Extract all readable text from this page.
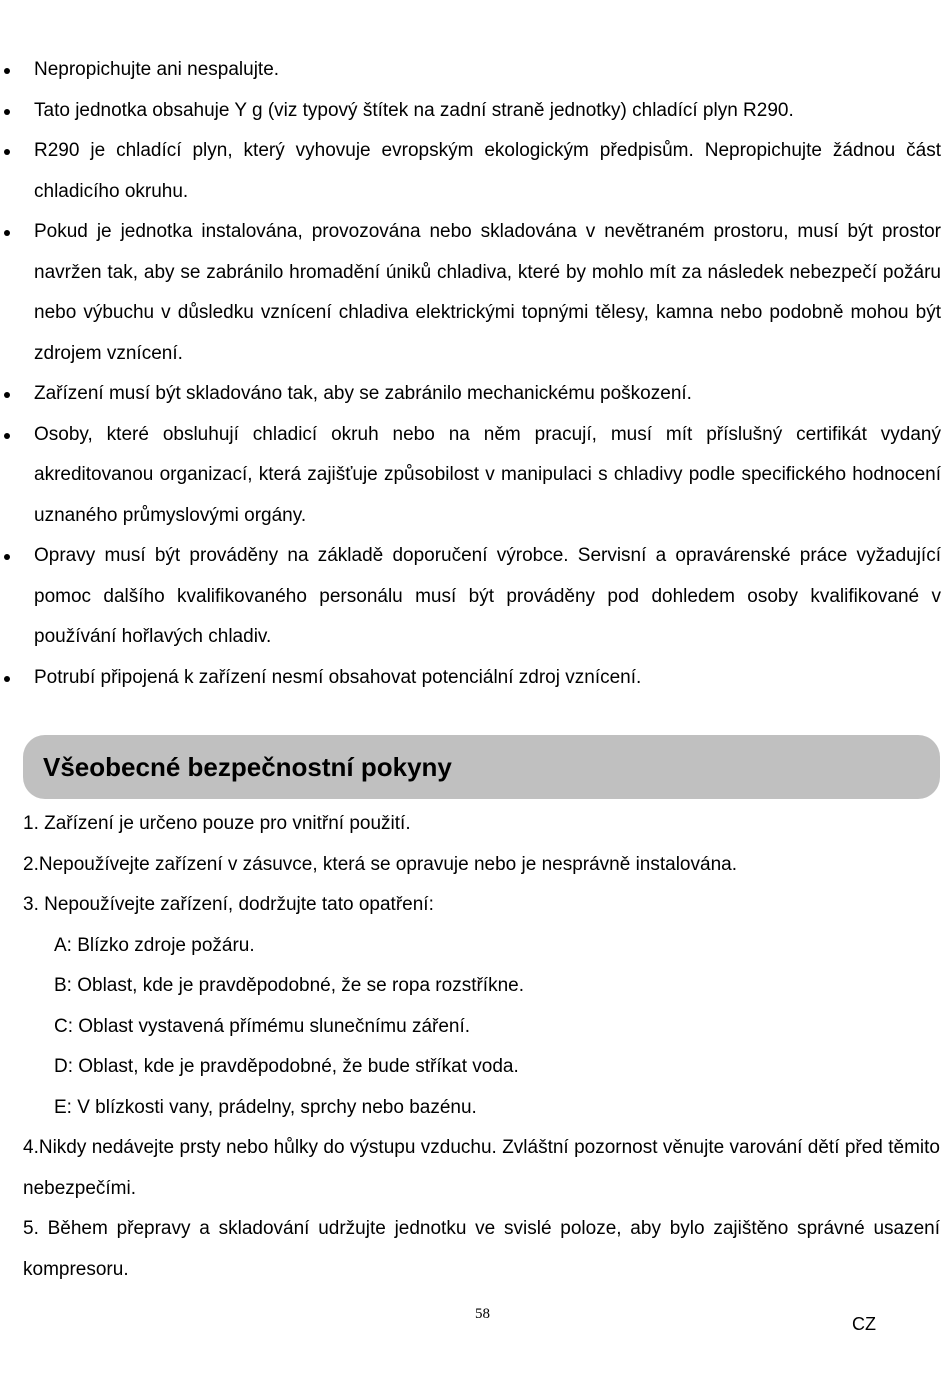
Nepropichujte ani nespalujte.
Tato jednotka obsahuje Y g (viz typový štítek na zadní straně jednotky) chladící plyn R290.
R290 je chladící plyn, který vyhovuje evropským ekologickým předpisům. Nepropichujte žádnou část chladicího okruhu.
Pokud je jednotka instalována, provozována nebo skladována v nevětraném prostoru, musí být prostor navržen tak, aby se zabránilo hromadění úniků chladiva, které by mohlo mít za následek nebezpečí požáru nebo výbuchu v důsledku vznícení chladiva elektrickými topnými tělesy, kamna nebo podobně mohou být zdrojem vznícení.
Zařízení musí být skladováno tak, aby se zabránilo mechanickému poškození.
Osoby, které obsluhují chladicí okruh nebo na něm pracují, musí mít příslušný certifikát vydaný akreditovanou organizací, která zajišťuje způsobilost v manipulaci s chladivy podle specifického hodnocení uznaného průmyslovými orgány.
Opravy musí být prováděny na základě doporučení výrobce. Servisní a opravárenské práce vyžadující pomoc dalšího kvalifikovaného personálu musí být prováděny pod dohledem osoby kvalifikované v používání hořlavých chladiv.
Potrubí připojená k zařízení nesmí obsahovat potenciální zdroj vznícení.
Všeobecné bezpečnostní pokyny
1. Zařízení je určeno pouze pro vnitřní použití.
2.Nepoužívejte zařízení v zásuvce, která se opravuje nebo je nesprávně instalována.
3. Nepoužívejte zařízení, dodržujte tato opatření:
A: Blízko zdroje požáru.
B: Oblast, kde je pravděpodobné, že se ropa rozstříkne.
C: Oblast vystavená přímému slunečnímu záření.
D: Oblast, kde je pravděpodobné, že bude stříkat voda.
E: V blízkosti vany, prádelny, sprchy nebo bazénu.
4.Nikdy nedávejte prsty nebo hůlky do výstupu vzduchu. Zvláštní pozornost věnujte varování dětí před těmito nebezpečími.
5. Během přepravy a skladování udržujte jednotku ve svislé poloze, aby bylo zajištěno správné usazení kompresoru.
58	CZ
